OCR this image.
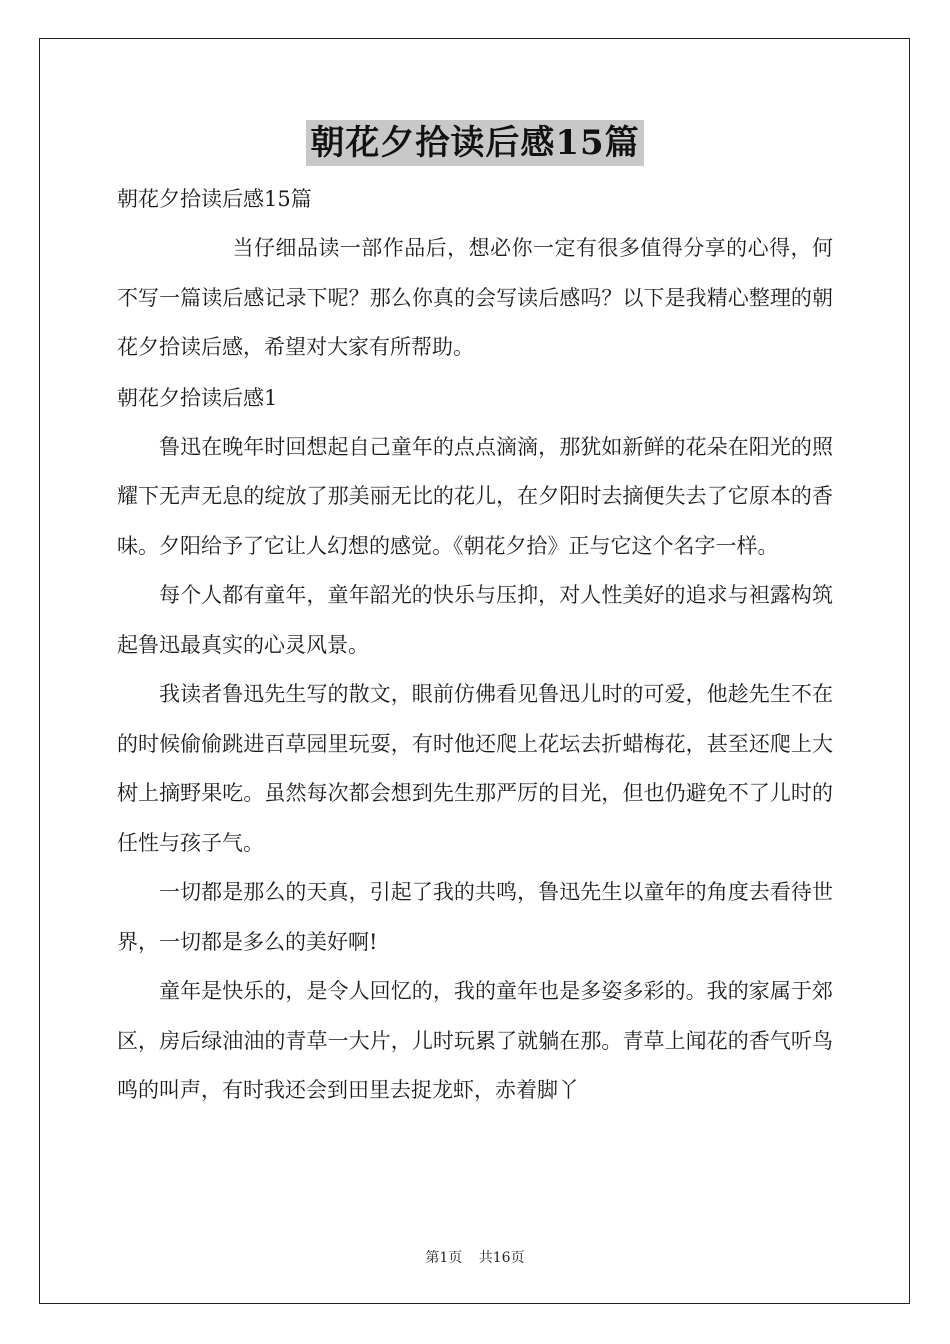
朝花夕拾读后感15篇

朝花夕拾读后感15篇

当仔细品读一部作品后，想必你一定有很多值得分享的心得，何不写一篇读后感记录下呢？那么你真的会写读后感吗？以下是我精心整理的朝花夕拾读后感，希望对大家有所帮助。

朝花夕拾读后感1

鲁迅在晚年时回想起自己童年的点点滴滴，那犹如新鲜的花朵在阳光的照耀下无声无息的绽放了那美丽无比的花儿，在夕阳时去摘便失去了它原本的香味。夕阳给予了它让人幻想的感觉。《朝花夕拾》正与它这个名字一样。

每个人都有童年，童年韶光的快乐与压抑，对人性美好的追求与袒露构筑起鲁迅最真实的心灵风景。

我读者鲁迅先生写的散文，眼前仿佛看见鲁迅儿时的可爱，他趁先生不在的时候偷偷跳进百草园里玩耍，有时他还爬上花坛去折蜡梅花，甚至还爬上大树上摘野果吃。虽然每次都会想到先生那严厉的目光，但也仍避免不了儿时的任性与孩子气。

一切都是那么的天真，引起了我的共鸣，鲁迅先生以童年的角度去看待世界，一切都是多么的美好啊!

童年是快乐的，是令人回忆的，我的童年也是多姿多彩的。我的家属于郊区，房后绿油油的青草一大片，儿时玩累了就躺在那。青草上闻花的香气听鸟鸣的叫声，有时我还会到田里去捉龙虾，赤着脚丫

第1页 共16页
